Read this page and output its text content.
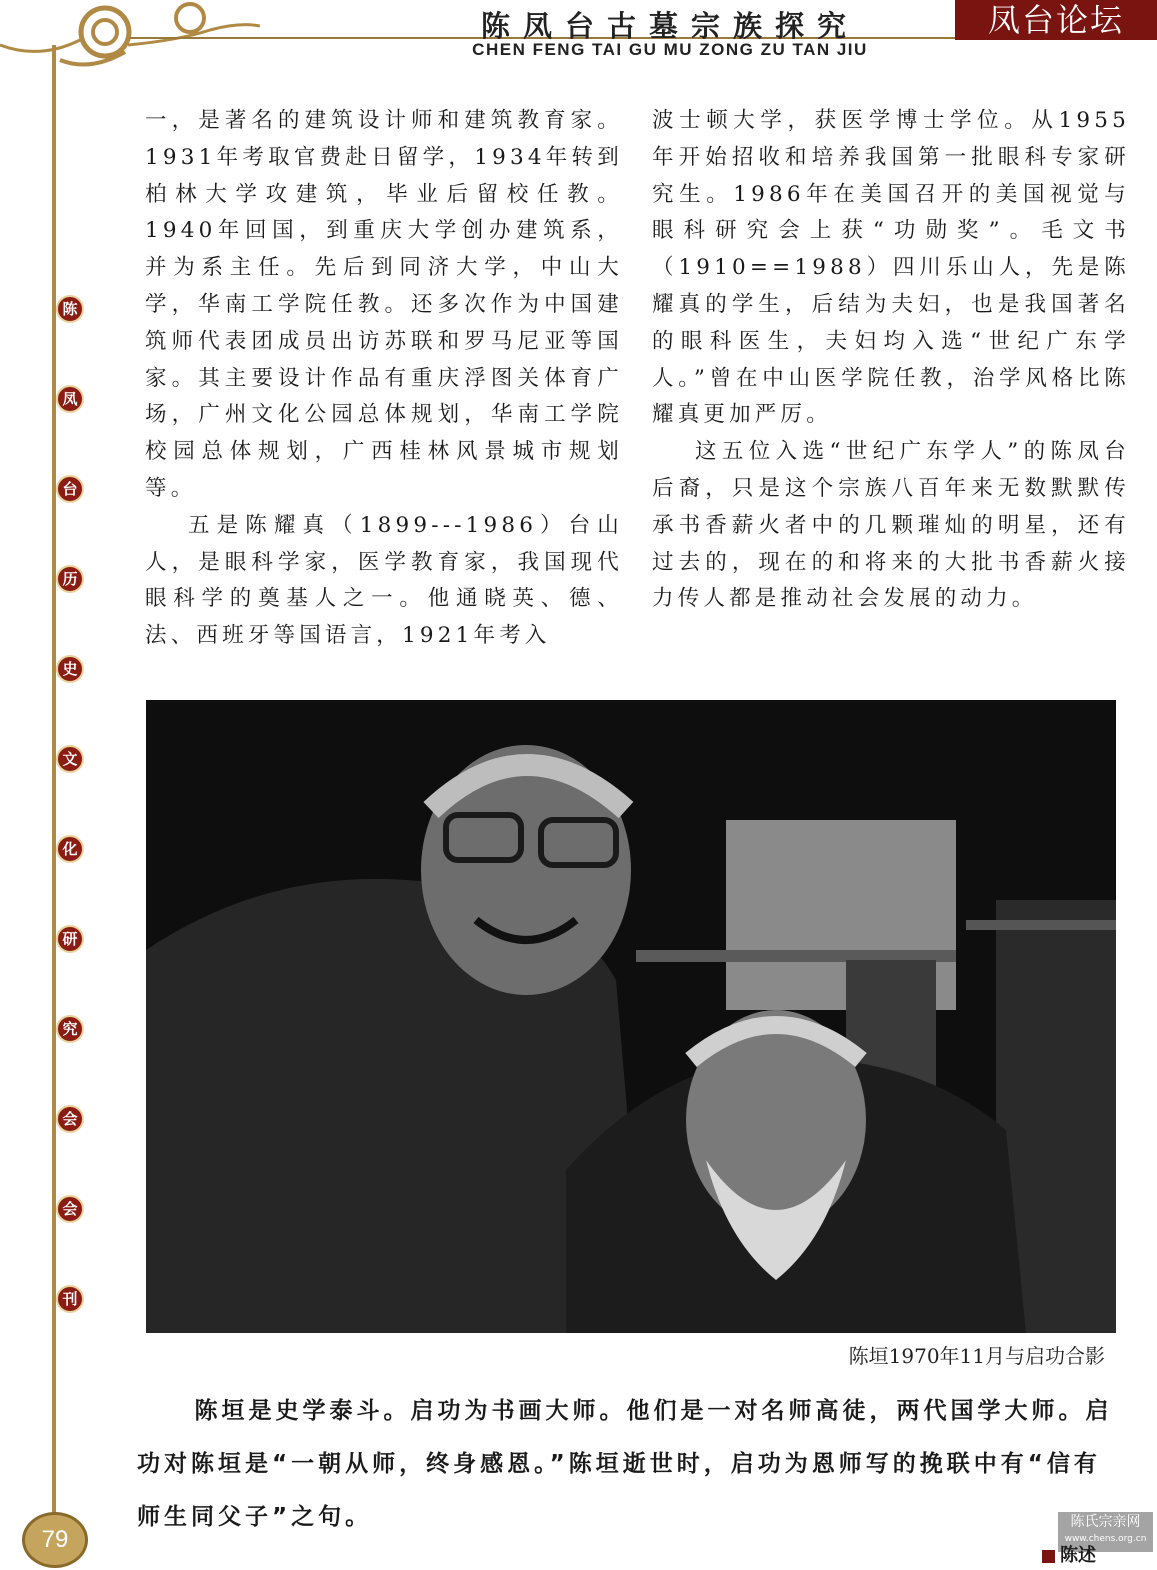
陈凤台古墓宗族探究
CHEN FENG TAI GU MU ZONG ZU TAN JIU
凤台论坛
陈
凤
台
历
史
文
化
研
究
会
会
刊
79

一，是著名的建筑设计师和建筑教育家。1931年考取官费赴日留学，1934年转到柏林大学攻建筑，毕业后留校任教。1940年回国，到重庆大学创办建筑系，并为系主任。先后到同济大学，中山大学，华南工学院任教。还多次作为中国建筑师代表团成员出访苏联和罗马尼亚等国家。其主要设计作品有重庆浮图关体育广场，广州文化公园总体规划，华南工学院校园总体规划，广西桂林风景城市规划等。

五是陈耀真（1899---1986）台山人，是眼科学家，医学教育家，我国现代眼科学的奠基人之一。他通晓英、德、法、西班牙等国语言，1921年考入

波士顿大学，获医学博士学位。从1955年开始招收和培养我国第一批眼科专家研究生。1986年在美国召开的美国视觉与眼科研究会上获“功勋奖”。毛文书（1910==1988）四川乐山人，先是陈耀真的学生，后结为夫妇，也是我国著名的眼科医生，夫妇均入选“世纪广东学人。”曾在中山医学院任教，治学风格比陈耀真更加严厉。

这五位入选“世纪广东学人”的陈凤台后裔，只是这个宗族八百年来无数默默传承书香薪火者中的几颗璀灿的明星，还有过去的，现在的和将来的大批书香薪火接力传人都是推动社会发展的动力。

陈垣1970年11月与启功合影

陈垣是史学泰斗。启功为书画大师。他们是一对名师高徒，两代国学大师。启功对陈垣是“一朝从师，终身感恩。”陈垣逝世时，启功为恩师写的挽联中有“信有师生同父子”之句。	陈氏宗亲网
www.chens.org.cn
陈述
